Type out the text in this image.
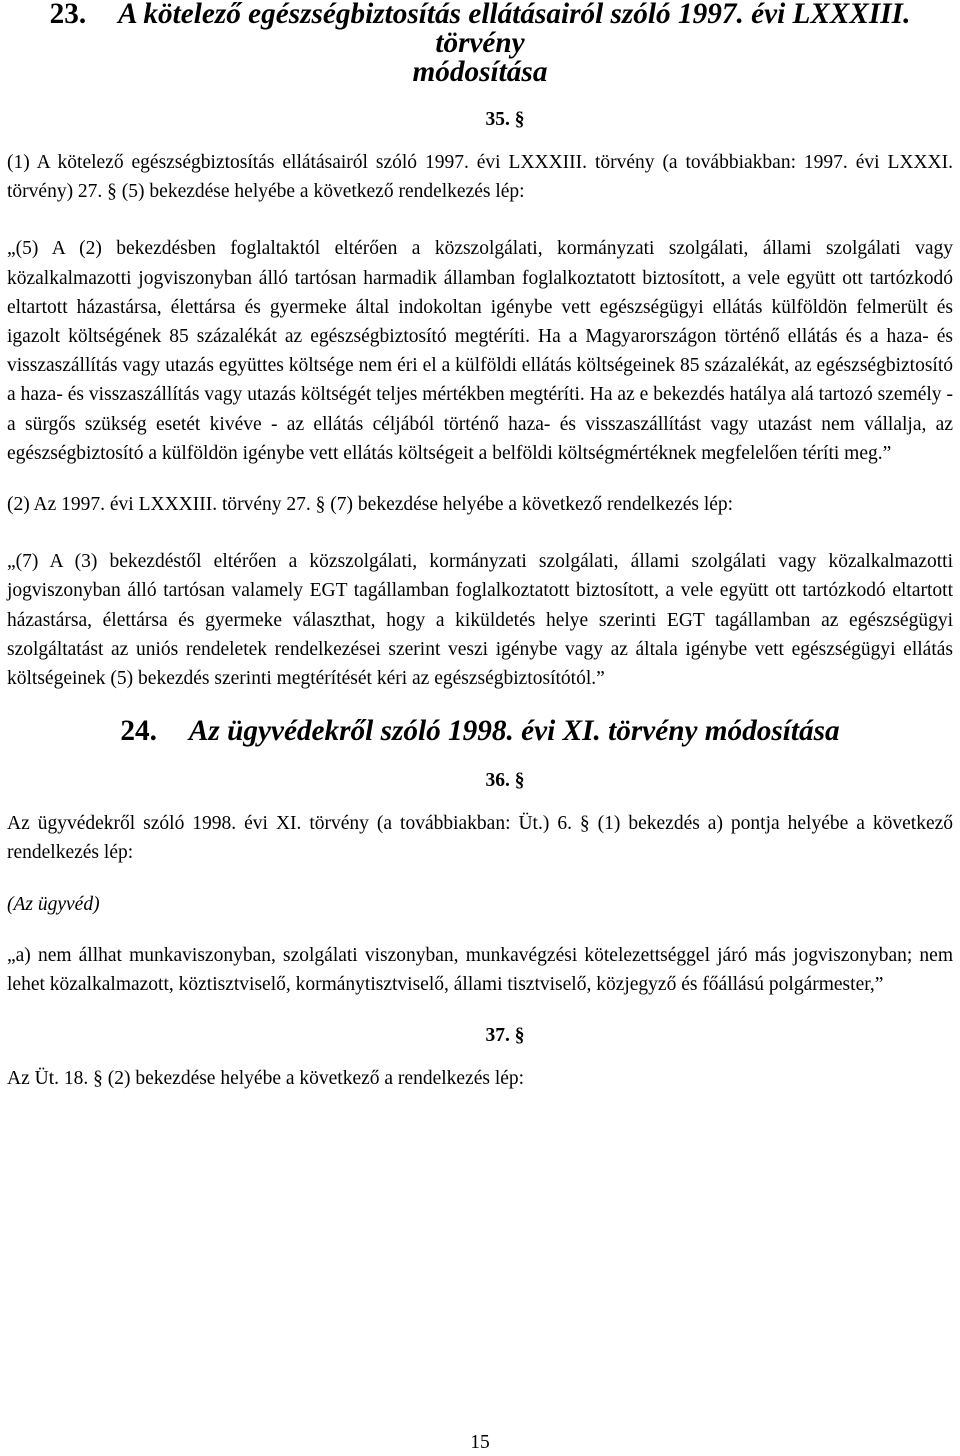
23. A kötelező egészségbiztosítás ellátásairól szóló 1997. évi LXXXIII. törvény
módosítása
35. §

(1) A kötelező egészségbiztosítás ellátásairól szóló 1997. évi LXXXIII. törvény (a továbbiakban: 1997. évi LXXXI. törvény) 27. § (5) bekezdése helyébe a következő rendelkezés lép:

„(5) A (2) bekezdésben foglaltaktól eltérően a közszolgálati, kormányzati szolgálati, állami szolgálati vagy közalkalmazotti jogviszonyban álló tartósan harmadik államban foglalkoztatott biztosított, a vele együtt ott tartózkodó eltartott házastársa, élettársa és gyermeke által indokoltan igénybe vett egészségügyi ellátás külföldön felmerült és igazolt költségének 85 százalékát az egészségbiztosító megtéríti. Ha a Magyarországon történő ellátás és a haza- és visszaszállítás vagy utazás együttes költsége nem éri el a külföldi ellátás költségeinek 85 százalékát, az egészségbiztosító a haza- és visszaszállítás vagy utazás költségét teljes mértékben megtéríti. Ha az e bekezdés hatálya alá tartozó személy - a sürgős szükség esetét kivéve - az ellátás céljából történő haza- és visszaszállítást vagy utazást nem vállalja, az egészségbiztosító a külföldön igénybe vett ellátás költségeit a belföldi költségmértéknek megfelelően téríti meg.”

(2) Az 1997. évi LXXXIII. törvény 27. § (7) bekezdése helyébe a következő rendelkezés lép:

„(7) A (3) bekezdéstől eltérően a közszolgálati, kormányzati szolgálati, állami szolgálati vagy közalkalmazotti jogviszonyban álló tartósan valamely EGT tagállamban foglalkoztatott biztosított, a vele együtt ott tartózkodó eltartott házastársa, élettársa és gyermeke választhat, hogy a kiküldetés helye szerinti EGT tagállamban az egészségügyi szolgáltatást az uniós rendeletek rendelkezései szerint veszi igénybe vagy az általa igénybe vett egészségügyi ellátás költségeinek (5) bekezdés szerinti megtérítését kéri az egészségbiztosítótól.”

24. Az ügyvédekről szóló 1998. évi XI. törvény módosítása
36. §

Az ügyvédekről szóló 1998. évi XI. törvény (a továbbiakban: Üt.) 6. § (1) bekezdés a) pontja helyébe a következő rendelkezés lép:

(Az ügyvéd)

„a) nem állhat munkaviszonyban, szolgálati viszonyban, munkavégzési kötelezettséggel járó más jogviszonyban; nem lehet közalkalmazott, köztisztviselő, kormánytisztviselő, állami tisztviselő, közjegyző és főállású polgármester,”

37. §

Az Üt. 18. § (2) bekezdése helyébe a következő a rendelkezés lép:

15
